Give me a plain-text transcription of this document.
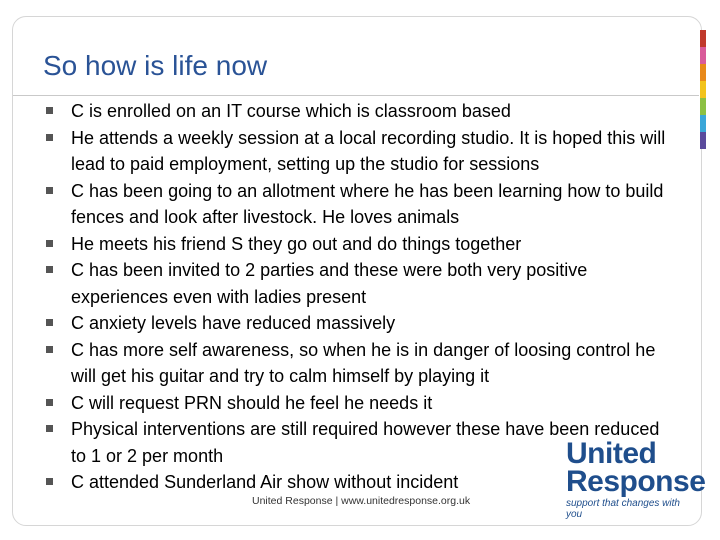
So how is life now
C is enrolled on an IT course which is classroom based
He attends a weekly session at a local recording studio. It is hoped this will lead to paid employment, setting up the studio for sessions
C has been going to an allotment where he has been learning how to build fences and look after livestock. He loves animals
He meets his friend S they go out and do things together
C has been invited to 2 parties and these were both very positive experiences even with ladies present
C anxiety levels have reduced massively
C has more self awareness, so when he is in danger of loosing control he will get his guitar and try to calm himself by playing it
C will request PRN should he feel he needs it
Physical interventions are still required however these have been reduced to 1 or 2 per month
C attended Sunderland Air show without incident
United
Response
support that changes with you
United Response | www.unitedresponse.org.uk
